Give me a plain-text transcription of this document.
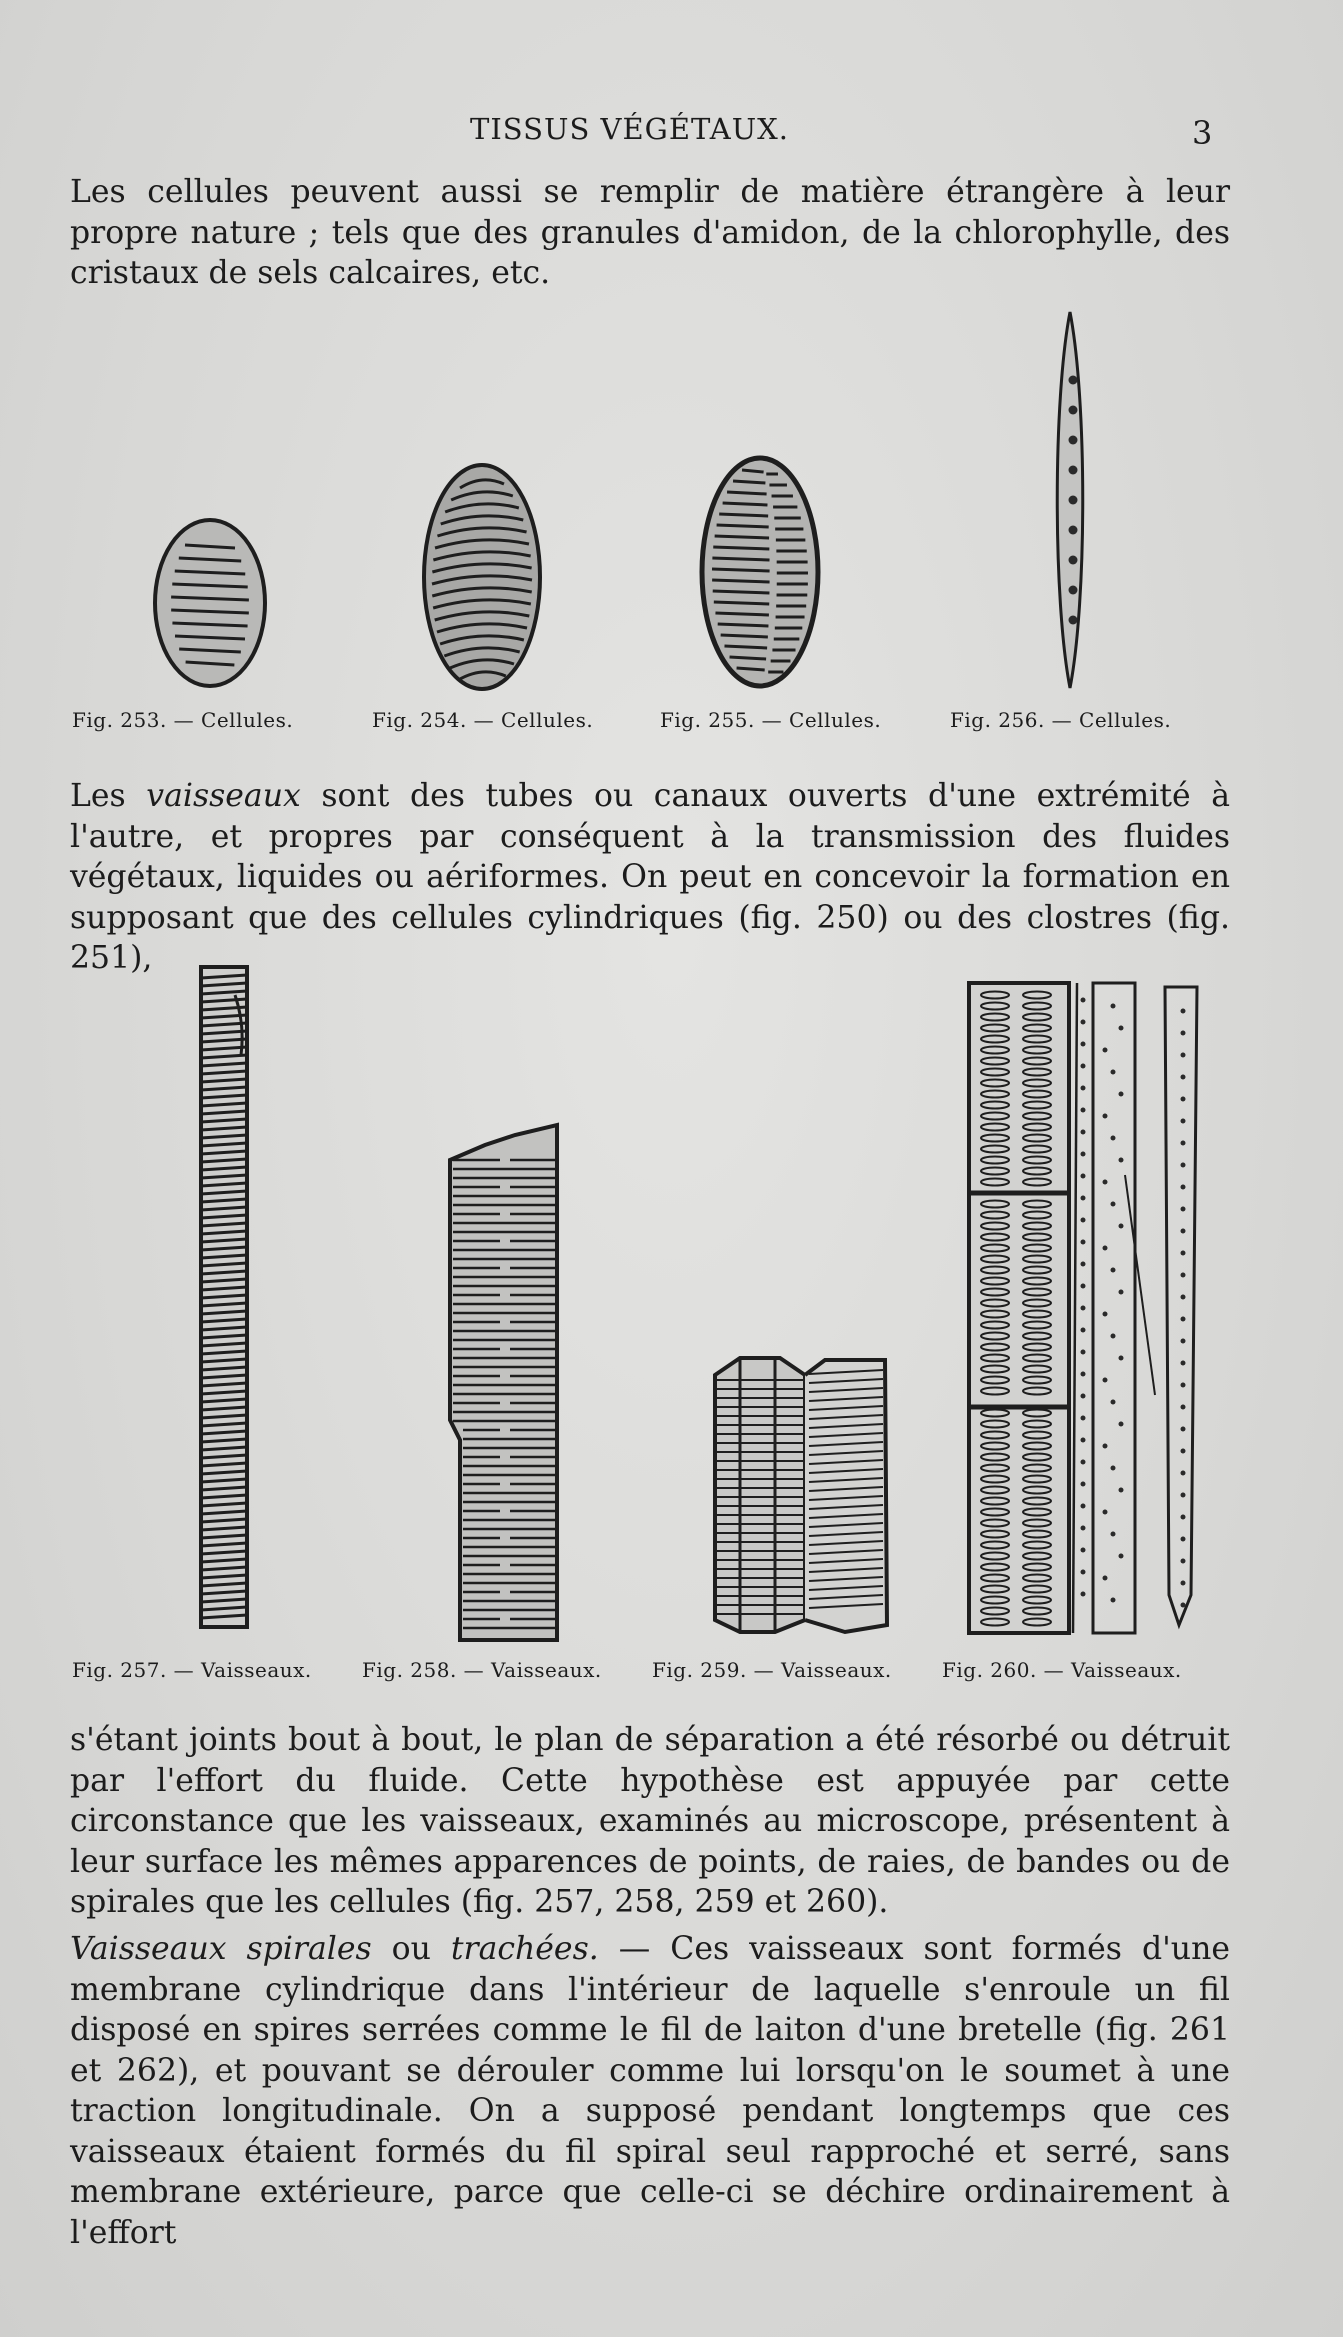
TISSUS VÉGÉTAUX.	3

Les cellules peuvent aussi se remplir de matière étrangère à leur propre nature ; tels que des granules d'amidon, de la chlorophylle, des cristaux de sels calcaires, etc.

Fig. 253. — Cellules.	Fig. 254. — Cellules.	Fig. 255. — Cellules.	Fig. 256. — Cellules.

Les vaisseaux sont des tubes ou canaux ouverts d'une extrémité à l'autre, et propres par conséquent à la transmission des fluides végétaux, liquides ou aériformes. On peut en concevoir la formation en supposant que des cellules cylindriques (fig. 250) ou des clostres (fig. 251),

Fig. 257. — Vaisseaux.	Fig. 258. — Vaisseaux.	Fig. 259. — Vaisseaux.	Fig. 260. — Vaisseaux.

s'étant joints bout à bout, le plan de séparation a été résorbé ou détruit par l'effort du fluide. Cette hypothèse est appuyée par cette circonstance que les vaisseaux, examinés au microscope, présentent à leur surface les mêmes apparences de points, de raies, de bandes ou de spirales que les cellules (fig. 257, 258, 259 et 260).

Vaisseaux spirales ou trachées. — Ces vaisseaux sont formés d'une membrane cylindrique dans l'intérieur de laquelle s'enroule un fil disposé en spires serrées comme le fil de laiton d'une bretelle (fig. 261 et 262), et pouvant se dérouler comme lui lorsqu'on le soumet à une traction longitudinale. On a supposé pendant longtemps que ces vaisseaux étaient formés du fil spiral seul rapproché et serré, sans membrane extérieure, parce que celle-ci se déchire ordinairement à l'effort
